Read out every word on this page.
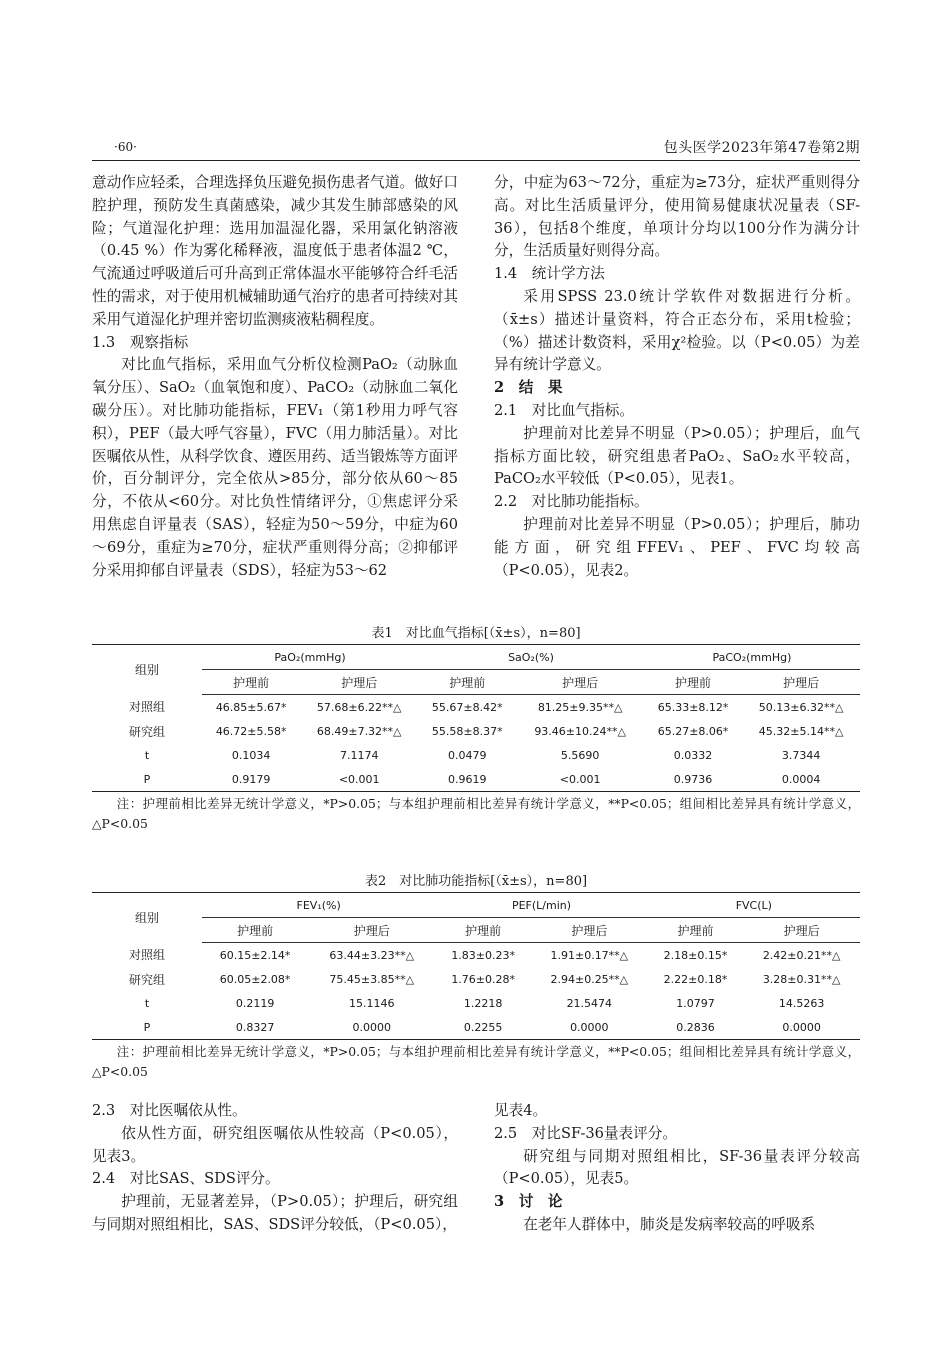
·60·	包头医学2023年第47卷第2期

意动作应轻柔，合理选择负压避免损伤患者气道。做好口腔护理，预防发生真菌感染，减少其发生肺部感染的风险；气道湿化护理：选用加温湿化器，采用氯化钠溶液（0.45 %）作为雾化稀释液，温度低于患者体温2 ℃，气流通过呼吸道后可升高到正常体温水平能够符合纤毛活性的需求，对于使用机械辅助通气治疗的患者可持续对其采用气道湿化护理并密切监测痰液粘稠程度。

1.3　观察指标

对比血气指标，采用血气分析仪检测PaO₂（动脉血氧分压）、SaO₂（血氧饱和度）、PaCO₂（动脉血二氧化碳分压）。对比肺功能指标，FEV₁（第1秒用力呼气容积），PEF（最大呼气容量），FVC（用力肺活量）。对比医嘱依从性，从科学饮食、遵医用药、适当锻炼等方面评价，百分制评分，完全依从>85分，部分依从60～85分，不依从<60分。对比负性情绪评分，①焦虑评分采用焦虑自评量表（SAS），轻症为50～59分，中症为60～69分，重症为≥70分，症状严重则得分高；②抑郁评分采用抑郁自评量表（SDS），轻症为53～62

分，中症为63～72分，重症为≥73分，症状严重则得分高。对比生活质量评分，使用简易健康状况量表（SF-36），包括8个维度，单项计分均以100分作为满分计分，生活质量好则得分高。

1.4　统计学方法

采用SPSS 23.0统计学软件对数据进行分析。（x̄±s）描述计量资料，符合正态分布，采用t检验；（%）描述计数资料，采用χ²检验。以（P<0.05）为差异有统计学意义。

2　结　果

2.1　对比血气指标。

护理前对比差异不明显（P>0.05）；护理后，血气指标方面比较，研究组患者PaO₂、SaO₂水平较高，PaCO₂水平较低（P<0.05），见表1。

2.2　对比肺功能指标。

护理前对比差异不明显（P>0.05）；护理后，肺功能方面，研究组FFEV₁、PEF、FVC均较高（P<0.05），见表2。

表1　对比血气指标[（x̄±s），n=80]
组别	PaO₂(mmHg)		SaO₂(%)		PaCO₂(mmHg)	
	护理前	护理后	护理前	护理后	护理前	护理后
对照组	46.85±5.67*	57.68±6.22**△	55.67±8.42*	81.25±9.35**△	65.33±8.12*	50.13±6.32**△
研究组	46.72±5.58*	68.49±7.32**△	55.58±8.37*	93.46±10.24**△	65.27±8.06*	45.32±5.14**△
t	0.1034	7.1174	0.0479	5.5690	0.0332	3.7344
P	0.9179	<0.001	0.9619	<0.001	0.9736	0.0004
注：护理前相比差异无统计学意义，*P>0.05；与本组护理前相比差异有统计学意义，**P<0.05；组间相比差异具有统计学意义，△P<0.05
表2　对比肺功能指标[（x̄±s），n=80]
组别	FEV₁(%)		PEF(L/min)		FVC(L)	
	护理前	护理后	护理前	护理后	护理前	护理后
对照组	60.15±2.14*	63.44±3.23**△	1.83±0.23*	1.91±0.17**△	2.18±0.15*	2.42±0.21**△
研究组	60.05±2.08*	75.45±3.85**△	1.76±0.28*	2.94±0.25**△	2.22±0.18*	3.28±0.31**△
t	0.2119	15.1146	1.2218	21.5474	1.0797	14.5263
P	0.8327	0.0000	0.2255	0.0000	0.2836	0.0000
注：护理前相比差异无统计学意义，*P>0.05；与本组护理前相比差异有统计学意义，**P<0.05；组间相比差异具有统计学意义，△P<0.05

2.3　对比医嘱依从性。

依从性方面，研究组医嘱依从性较高（P<0.05），见表3。

2.4　对比SAS、SDS评分。

护理前，无显著差异，（P>0.05）；护理后，研究组与同期对照组相比，SAS、SDS评分较低，（P<0.05），

见表4。

2.5　对比SF-36量表评分。

研究组与同期对照组相比，SF-36量表评分较高（P<0.05），见表5。

3　讨　论

在老年人群体中，肺炎是发病率较高的呼吸系
